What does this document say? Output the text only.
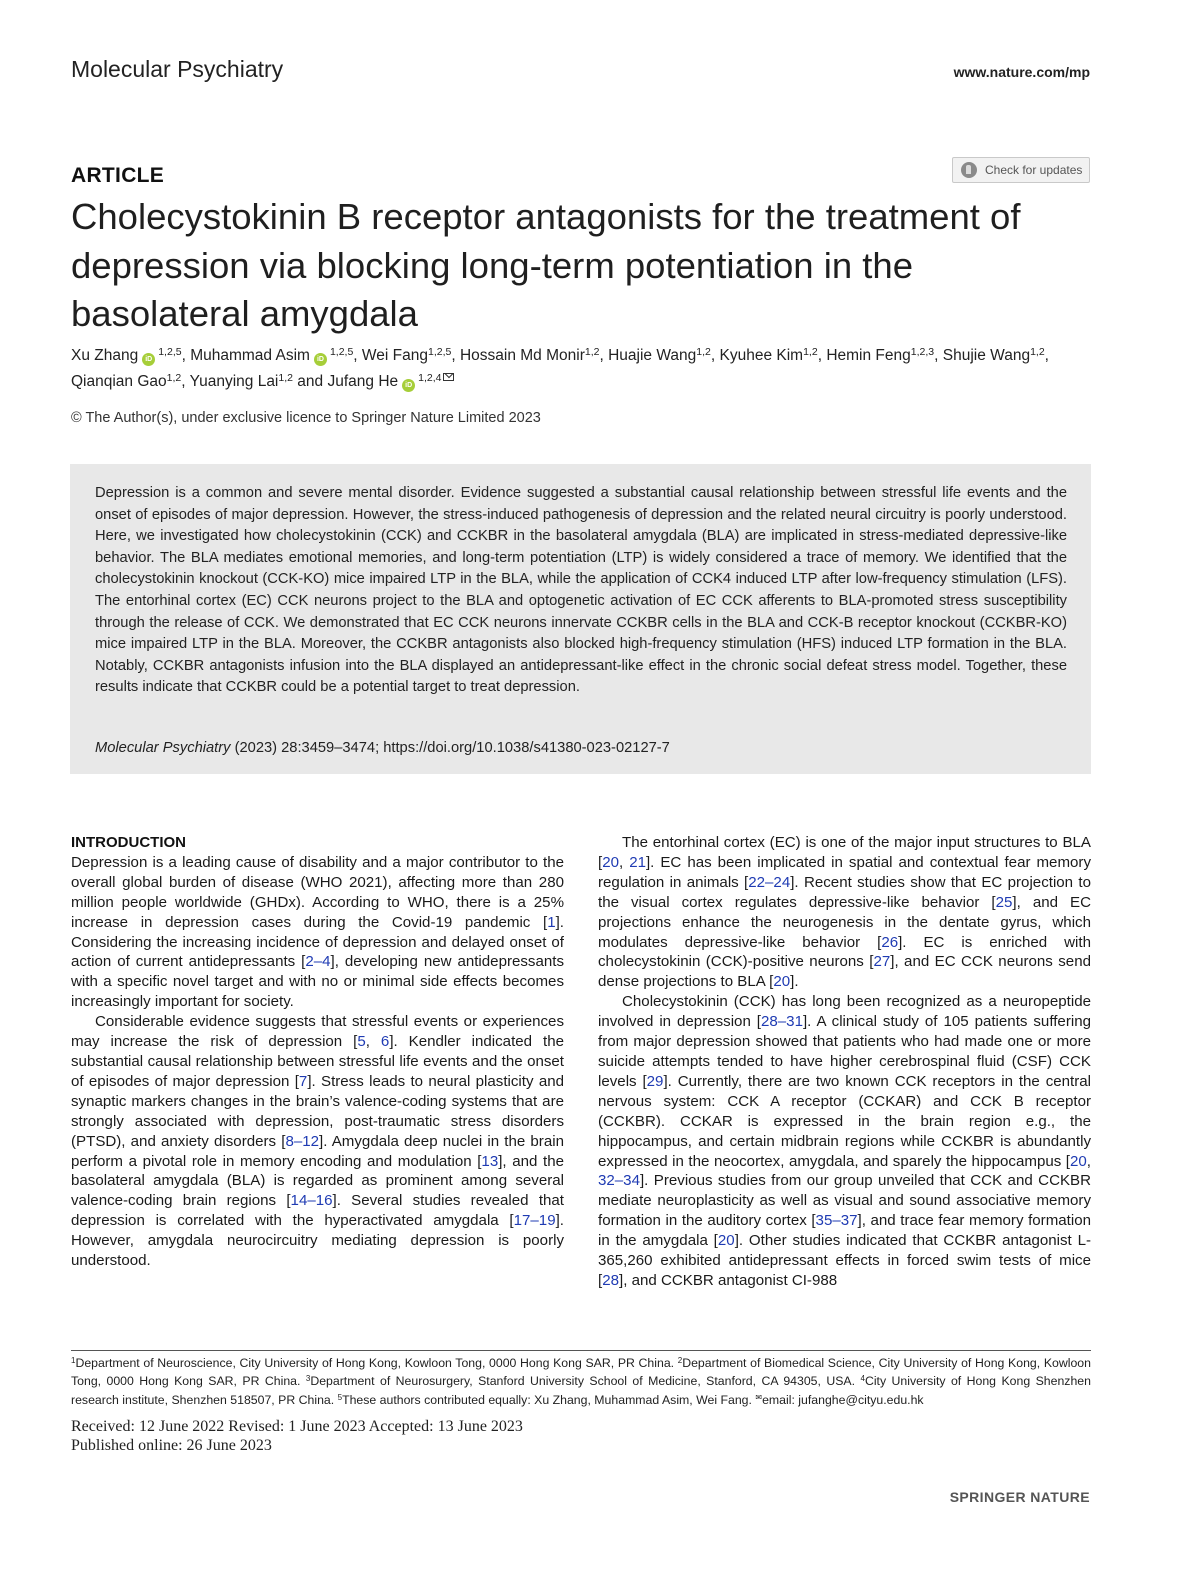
Molecular Psychiatry	www.nature.com/mp
ARTICLE	Check for updates
Cholecystokinin B receptor antagonists for the treatment of depression via blocking long-term potentiation in the basolateral amygdala
Xu Zhang iD$^{1,2,5}$, Muhammad Asim iD$^{1,2,5}$, Wei Fang$^{1,2,5}$, Hossain Md Monir$^{1,2}$, Huajie Wang$^{1,2}$, Kyuhee Kim$^{1,2}$, Hemin Feng$^{1,2,3}$, Shujie Wang$^{1,2}$, Qianqian Gao$^{1,2}$, Yuanying Lai$^{1,2}$ and Jufang He iD$^{1,2,4}$
© The Author(s), under exclusive licence to Springer Nature Limited 2023
Depression is a common and severe mental disorder. Evidence suggested a substantial causal relationship between stressful life events and the onset of episodes of major depression. However, the stress-induced pathogenesis of depression and the related neural circuitry is poorly understood. Here, we investigated how cholecystokinin (CCK) and CCKBR in the basolateral amygdala (BLA) are implicated in stress-mediated depressive-like behavior. The BLA mediates emotional memories, and long-term potentiation (LTP) is widely considered a trace of memory. We identified that the cholecystokinin knockout (CCK-KO) mice impaired LTP in the BLA, while the application of CCK4 induced LTP after low-frequency stimulation (LFS). The entorhinal cortex (EC) CCK neurons project to the BLA and optogenetic activation of EC CCK afferents to BLA-promoted stress susceptibility through the release of CCK. We demonstrated that EC CCK neurons innervate CCKBR cells in the BLA and CCK-B receptor knockout (CCKBR-KO) mice impaired LTP in the BLA. Moreover, the CCKBR antagonists also blocked high-frequency stimulation (HFS) induced LTP formation in the BLA. Notably, CCKBR antagonists infusion into the BLA displayed an antidepressant-like effect in the chronic social defeat stress model. Together, these results indicate that CCKBR could be a potential target to treat depression.
Molecular Psychiatry (2023) 28:3459–3474; https://doi.org/10.1038/s41380-023-02127-7
INTRODUCTION

Depression is a leading cause of disability and a major contributor to the overall global burden of disease (WHO 2021), affecting more than 280 million people worldwide (GHDx). According to WHO, there is a 25% increase in depression cases during the Covid-19 pandemic [1]. Considering the increasing incidence of depression and delayed onset of action of current antidepressants [2–4], developing new antidepressants with a specific novel target and with no or minimal side effects becomes increasingly important for society.

Considerable evidence suggests that stressful events or experiences may increase the risk of depression [5, 6]. Kendler indicated the substantial causal relationship between stressful life events and the onset of episodes of major depression [7]. Stress leads to neural plasticity and synaptic markers changes in the brain’s valence-coding systems that are strongly associated with depression, post-traumatic stress disorders (PTSD), and anxiety disorders [8–12]. Amygdala deep nuclei in the brain perform a pivotal role in memory encoding and modulation [13], and the basolateral amygdala (BLA) is regarded as prominent among several valence-coding brain regions [14–16]. Several studies revealed that depression is correlated with the hyperactivated amygdala [17–19]. However, amygdala neurocircuitry mediating depression is poorly understood.

The entorhinal cortex (EC) is one of the major input structures to BLA [20, 21]. EC has been implicated in spatial and contextual fear memory regulation in animals [22–24]. Recent studies show that EC projection to the visual cortex regulates depressive-like behavior [25], and EC projections enhance the neurogenesis in the dentate gyrus, which modulates depressive-like behavior [26]. EC is enriched with cholecystokinin (CCK)-positive neurons [27], and EC CCK neurons send dense projections to BLA [20].

Cholecystokinin (CCK) has long been recognized as a neuropeptide involved in depression [28–31]. A clinical study of 105 patients suffering from major depression showed that patients who had made one or more suicide attempts tended to have higher cerebrospinal fluid (CSF) CCK levels [29]. Currently, there are two known CCK receptors in the central nervous system: CCK A receptor (CCKAR) and CCK B receptor (CCKBR). CCKAR is expressed in the brain region e.g., the hippocampus, and certain midbrain regions while CCKBR is abundantly expressed in the neocortex, amygdala, and sparely the hippocampus [20, 32–34]. Previous studies from our group unveiled that CCK and CCKBR mediate neuroplasticity as well as visual and sound associative memory formation in the auditory cortex [35–37], and trace fear memory formation in the amygdala [20]. Other studies indicated that CCKBR antagonist L- 365,260 exhibited antidepressant effects in forced swim tests of mice [28], and CCKBR antagonist CI-988

$^1$Department of Neuroscience, City University of Hong Kong, Kowloon Tong, 0000 Hong Kong SAR, PR China. $^2$Department of Biomedical Science, City University of Hong Kong, Kowloon Tong, 0000 Hong Kong SAR, PR China. $^3$Department of Neurosurgery, Stanford University School of Medicine, Stanford, CA 94305, USA. $^4$City University of Hong Kong Shenzhen research institute, Shenzhen 518507, PR China. $^5$These authors contributed equally: Xu Zhang, Muhammad Asim, Wei Fang. ✉email: jufanghe@cityu.edu.hk
Received: 12 June 2022 Revised: 1 June 2023 Accepted: 13 June 2023
Published online: 26 June 2023
SPRINGER NATURE
